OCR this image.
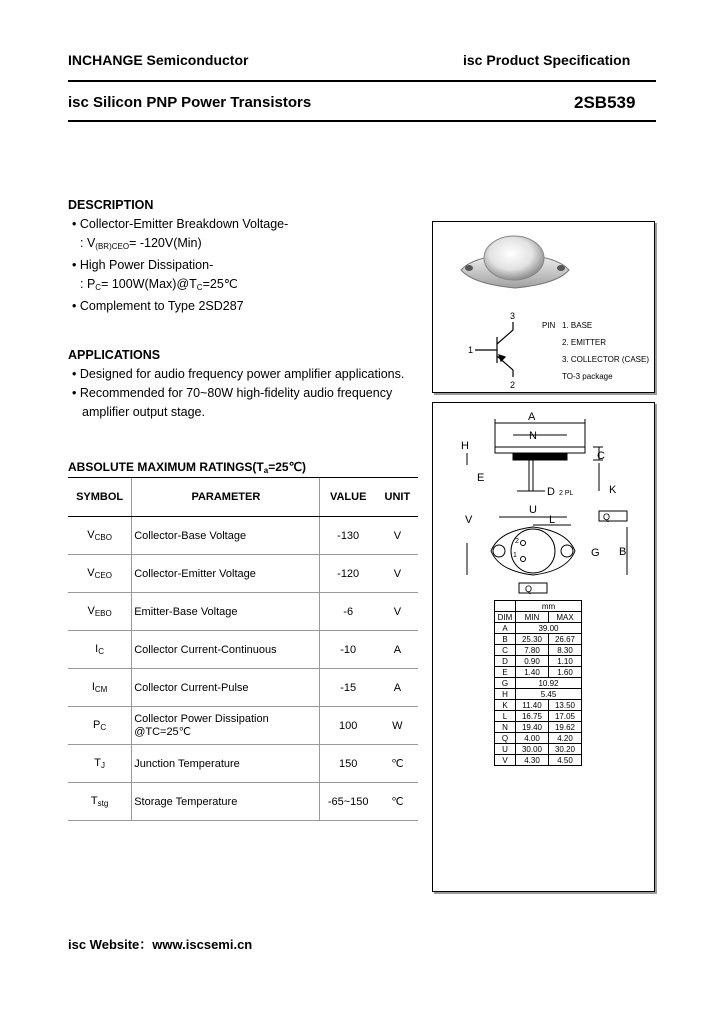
INCHANGE Semiconductor	isc Product Specification
isc Silicon PNP Power Transistors	2SB539
DESCRIPTION
• Collector-Emitter Breakdown Voltage-
: $V_{(BR)CEO}= -120V(Min)$
• High Power Dissipation-
: $P_C=$ $100W(Max)@T_C=25℃$
• Complement to Type 2SD287
APPLICATIONS
• Designed for audio frequency power amplifier applications.
• Recommended for 70~80W high-fidelity audio frequency
amplifier output stage.
ABSOLUTE MAXIMUM $RATINGS(T_a=25℃)$
SYMBOL	PARAMETER	VALUE	UNIT
$V_{CBO}$	Collector-Base Voltage	-130	V
$V_{CEO}$	Collector-Emitter Voltage	-120	V
$V_{EBO}$	Emitter-Base Voltage	-6	V
$I_C$	Collector Current-Continuous	-10	A
$I_{CM}$	Collector Current-Pulse	-15	A
$P_C$	Collector Power Dissipation
@TC=25℃	100	W
$T_J$	Junction Temperature	150	℃
$T_{stg}$	Storage Temperature	-65~150	℃
3
1
2
PIN 1. BASE
2. EMITTER
3. COLLECTOR (CASE)
TO-3 package
A
N
H
E
C
D 2 PL	K
U
L	Q
V
G B
Q
1
2
	mm	
DIM	MIN	MAX
A	39.00	
B	25.30	26.67
C	7.80	8.30
D	0.90	1.10
E	1.40	1.60
G	10.92	
H	5.45	
K	11.40	13.50
L	16.75	17.05
N	19.40	19.62
Q	4.00	4.20
U	30.00	30.20
V	4.30	4.50
isc Website：www.iscsemi.cn
